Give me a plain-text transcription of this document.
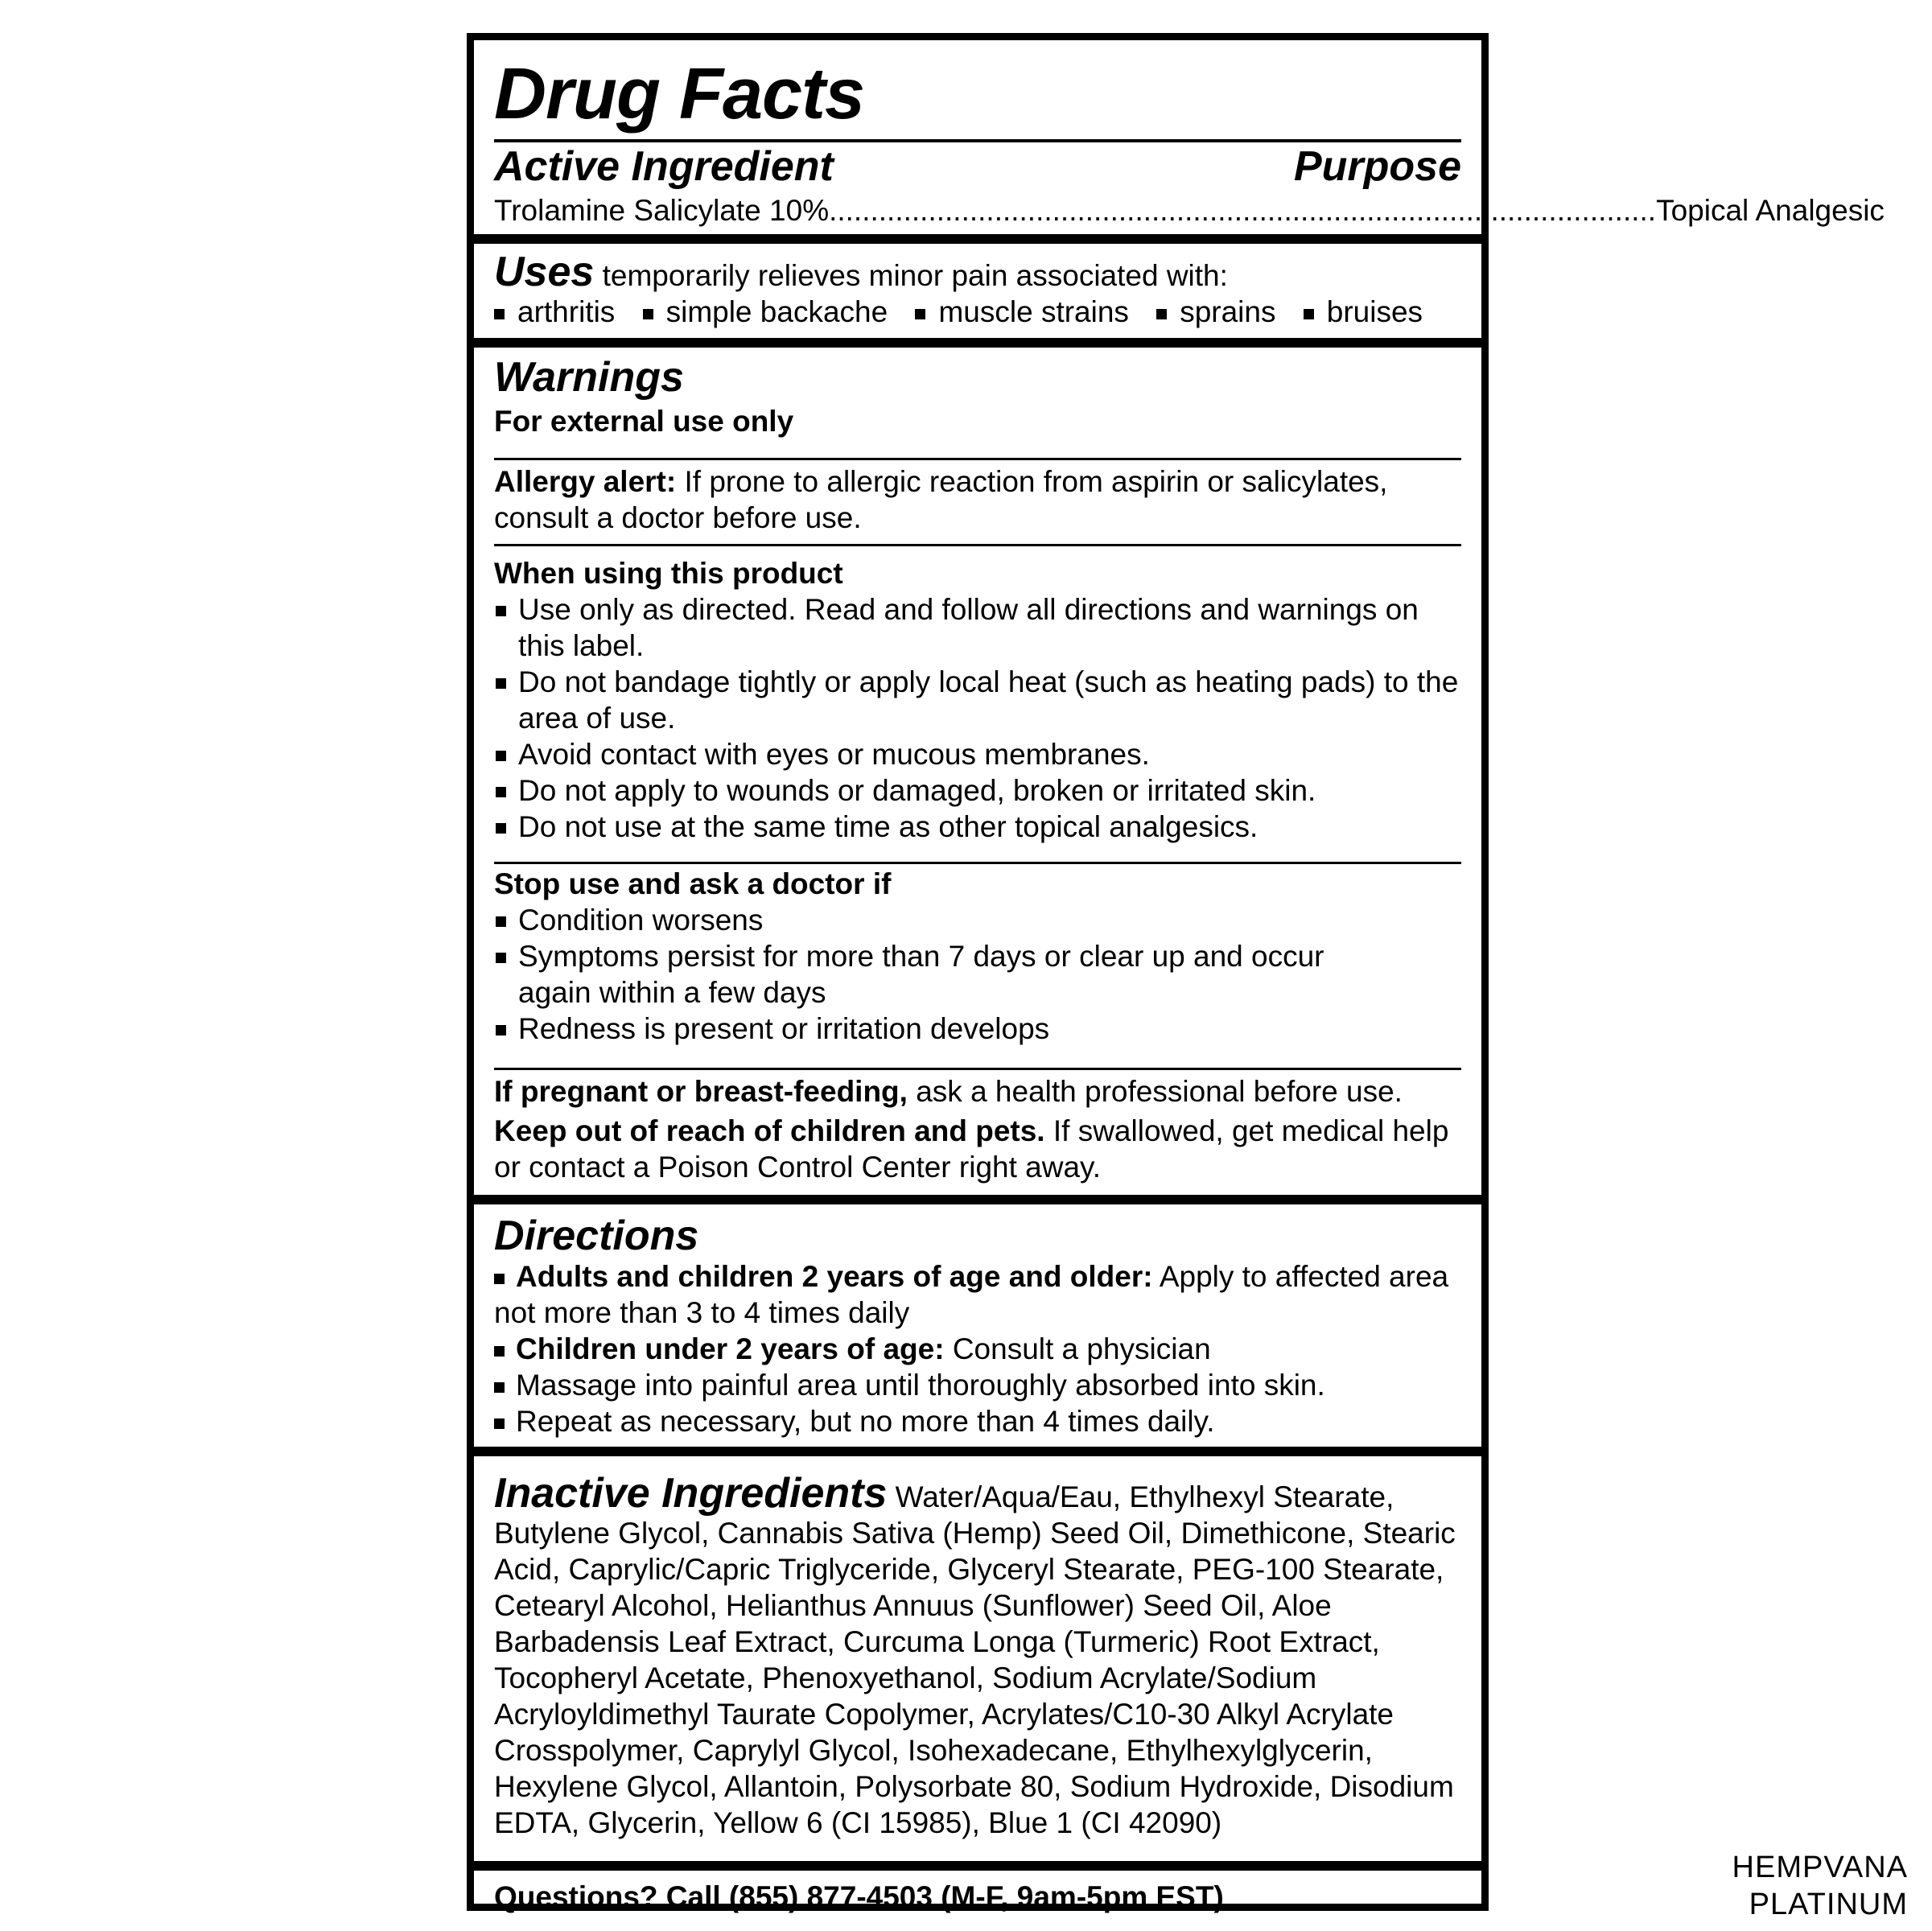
Drug Facts
Active Ingredient	Purpose
Trolamine Salicylate 10% .................................................................................................... Topical Analgesic
Uses temporarily relieves minor pain associated with:
arthritis simple backache muscle strains sprains bruises
Warnings
For external use only
Allergy alert: If prone to allergic reaction from aspirin or salicylates, consult a doctor before use.
When using this product
Use only as directed. Read and follow all directions and warnings on this label.
Do not bandage tightly or apply local heat (such as heating pads) to the area of use.
Avoid contact with eyes or mucous membranes.
Do not apply to wounds or damaged, broken or irritated skin.
Do not use at the same time as other topical analgesics.
Stop use and ask a doctor if
Condition worsens
Symptoms persist for more than 7 days or clear up and occur again within a few days
Redness is present or irritation develops
If pregnant or breast-feeding, ask a health professional before use.
Keep out of reach of children and pets. If swallowed, get medical help or contact a Poison Control Center right away.
Directions
Adults and children 2 years of age and older: Apply to affected area not more than 3 to 4 times daily
Children under 2 years of age: Consult a physician
Massage into painful area until thoroughly absorbed into skin.
Repeat as necessary, but no more than 4 times daily.
Inactive Ingredients Water/Aqua/Eau, Ethylhexyl Stearate, Butylene Glycol, Cannabis Sativa (Hemp) Seed Oil, Dimethicone, Stearic Acid, Caprylic/Capric Triglyceride, Glyceryl Stearate, PEG-100 Stearate, Cetearyl Alcohol, Helianthus Annuus (Sunflower) Seed Oil, Aloe Barbadensis Leaf Extract, Curcuma Longa (Turmeric) Root Extract, Tocopheryl Acetate, Phenoxyethanol, Sodium Acrylate/Sodium Acryloyldimethyl Taurate Copolymer, Acrylates/C10-30 Alkyl Acrylate Crosspolymer, Caprylyl Glycol, Isohexadecane, Ethylhexylglycerin, Hexylene Glycol, Allantoin, Polysorbate 80, Sodium Hydroxide, Disodium EDTA, Glycerin, Yellow 6 (CI 15985), Blue 1 (CI 42090)
Questions? Call (855) 877-4503 (M-F, 9am-5pm EST)
HEMPVANA
PLATINUM
